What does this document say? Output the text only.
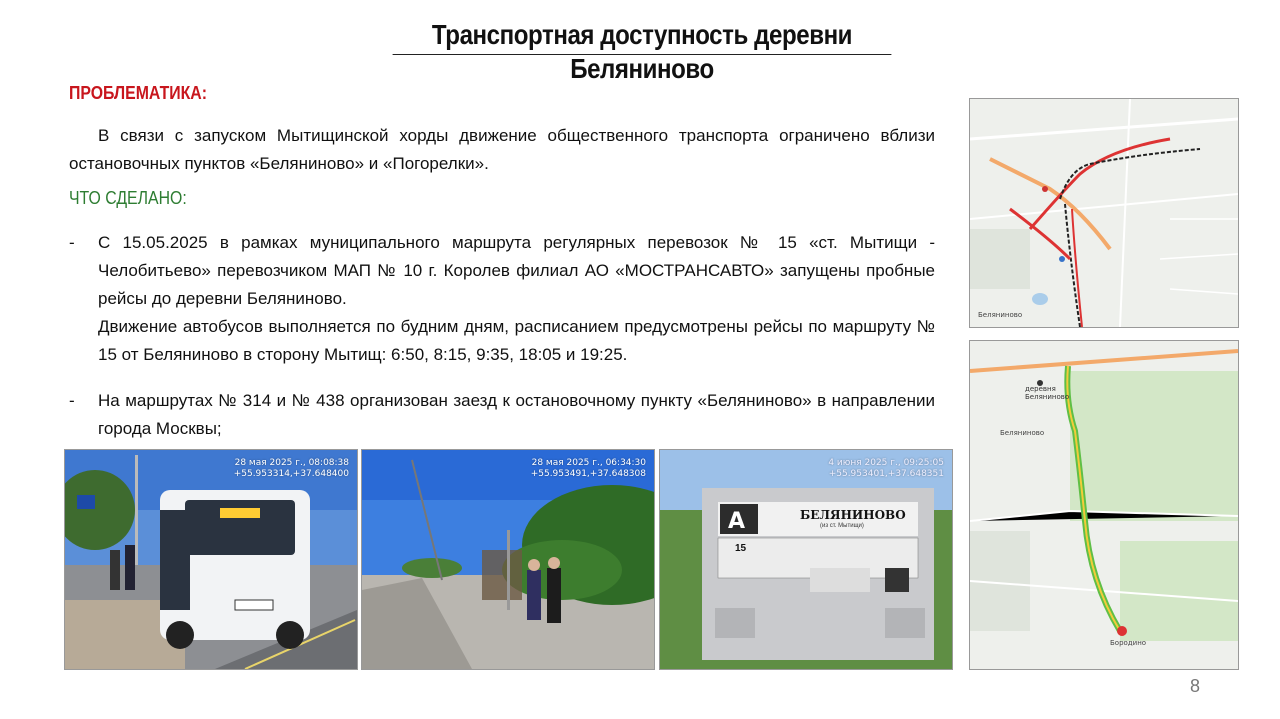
Транспортная доступность деревни Беляниново
ПРОБЛЕМАТИКА:
В связи с запуском Мытищинской хорды движение общественного транспорта ограничено вблизи остановочных пунктов «Беляниново» и «Погорелки».
ЧТО СДЕЛАНО:
- С 15.05.2025 в рамках муниципального маршрута регулярных перевозок № 15 «ст. Мытищи - Челобитьево» перевозчиком МАП № 10 г. Королев филиал АО «МОСТРАНСАВТО» запущены пробные рейсы до деревни Беляниново.
Движение автобусов выполняется по будним дням, расписанием предусмотрены рейсы по маршруту № 15 от Беляниново в сторону Мытищ: 6:50, 8:15, 9:35, 18:05 и 19:25.
- На маршрутах № 314 и № 438 организован заезд к остановочному пункту «Беляниново» в направлении города Москвы;
28 мая 2025 г., 08:08:38
+55.953314,+37.648400
28 мая 2025 г., 06:34:30
+55.953491,+37.648308
A	БЕЛЯНИНОВО
(из ст. Мытищи)
15
4 июня 2025 г., 09:25:05
+55.953401,+37.648351
Беляниново
деревня Беляниново
Беляниново
Бородино
8
